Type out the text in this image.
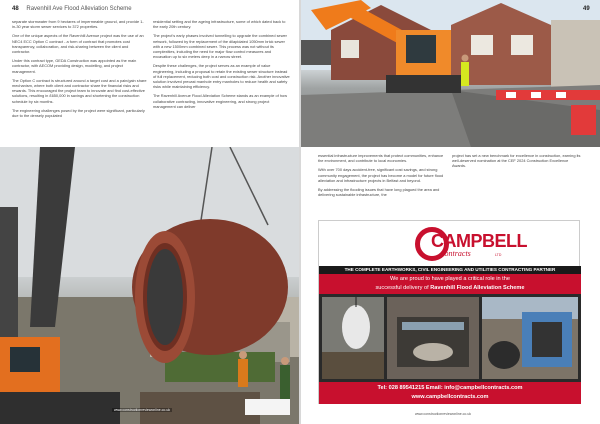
48 Ravenhill Ave Flood Alleviation Scheme

separate stormwater from 9 hectares of impermeable ground, and provide 1-in-30 year storm sewer services to 372 properties.

One of the unique aspects of the Ravenhill Avenue project was the use of an NEC4 ECC Option C contract - a form of contract that promotes cost transparency, collaboration, and risk-sharing between the client and contractor.

Under this contract type, GEDA Construction was appointed as the main contractor, with AECOM providing design, modelling, and project management.

The Option C contract is structured around a target cost and a pain/gain share mechanism, where both client and contractor share the financial risks and rewards. This encouraged the project team to innovate and find cost-effective solutions, resulting in £650,000 in savings and shortening the construction schedule by six months.

The engineering challenges posed by the project were significant, particularly due to the densely populated

residential setting and the ageing infrastructure, some of which dated back to the early 20th century.

The project's early phases involved tunnelling to upgrade the combined sewer network, followed by the replacement of the dilapidated 1050mm brick sewer with a new 1500mm combined sewer. This process was not without its complexities, including the need for major flow control measures and excavation up to six meters deep in a narrow street.

Despite these challenges, the project serves as an example of value engineering, including a proposal to retain the existing sewer structure instead of full replacement, reducing both cost and construction risk. Another innovative solution involved precast manhole entry manholes to reduce health and safety risks while maintaining efficiency.

The Ravenhill Avenue Flood Alleviation Scheme stands as an example of how collaborative contracting, innovative engineering, and strong project management can deliver

www.constructionreviewonline.co.uk
49

essential infrastructure improvements that protect communities, enhance the environment, and contribute to local economies.

With over 700 days accident-free, significant cost savings, and strong community engagement, the project has become a model for future flood alleviation and infrastructure projects in Belfast and beyond.

By addressing the flooding issues that have long plagued the area and delivering sustainable infrastructure, the

project has set a new benchmark for excellence in construction, earning its well-deserved nomination at the CEF 2024 Construction Excellence Awards.

CAMPBELL
contracts	LTD
THE COMPLETE EARTHWORKS, CIVIL ENGINEERING AND UTILITIES CONTRACTING PARTNER
We are proud to have played a critical role in the
successful delivery of Ravenhill Flood Alleviation Scheme
Tel: 028 89541215 Email: info@campbellcontracts.com
www.campbellcontracts.com
www.constructionreviewonline.co.uk
